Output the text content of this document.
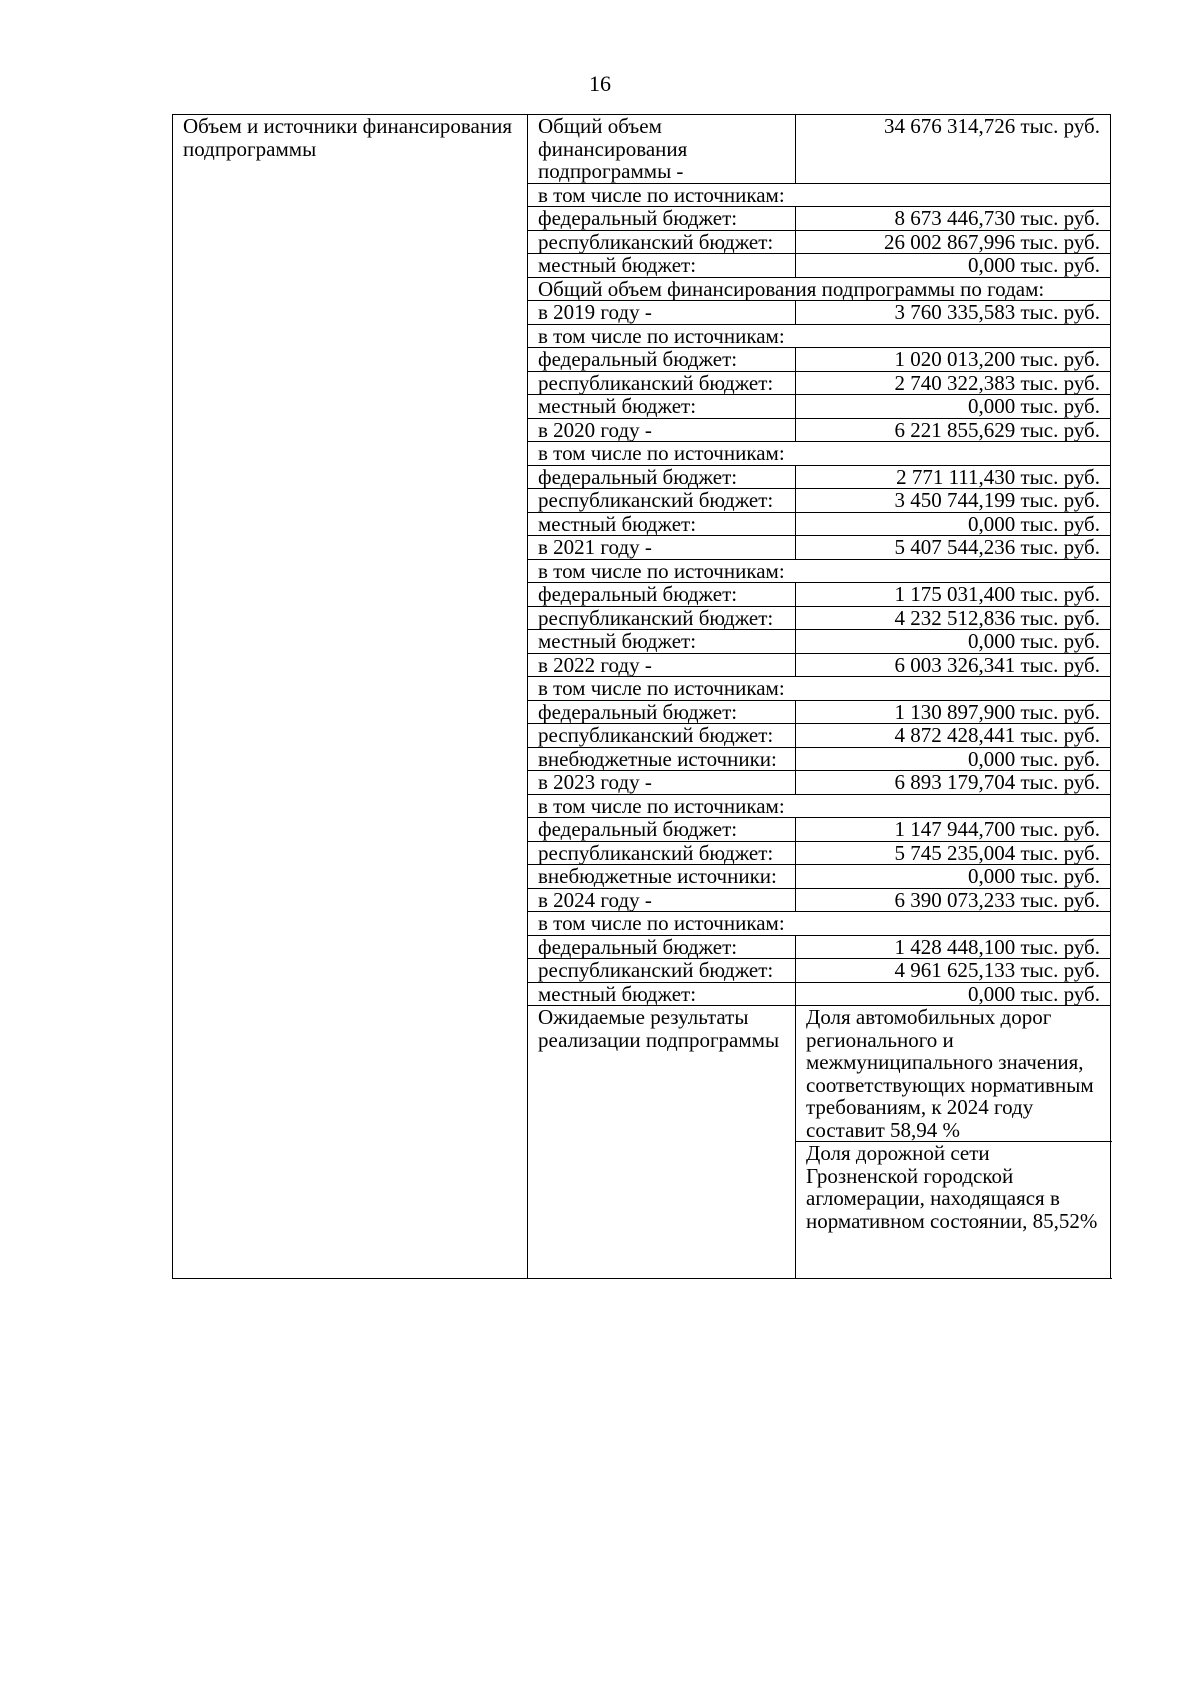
16
Объем и источники финансирования подпрограммы	Общий объем финансирования подпрограммы -	34 676 314,726 тыс. руб.
	в том числе по источникам:	
	федеральный бюджет:	8 673 446,730 тыс. руб.
	республиканский бюджет:	26 002 867,996 тыс. руб.
	местный бюджет:	0,000 тыс. руб.
	Общий объем финансирования подпрограммы по годам:	
	в 2019 году -	3 760 335,583 тыс. руб.
	в том числе по источникам:	
	федеральный бюджет:	1 020 013,200 тыс. руб.
	республиканский бюджет:	2 740 322,383 тыс. руб.
	местный бюджет:	0,000 тыс. руб.
	в 2020 году -	6 221 855,629 тыс. руб.
	в том числе по источникам:	
	федеральный бюджет:	2 771 111,430 тыс. руб.
	республиканский бюджет:	3 450 744,199 тыс. руб.
	местный бюджет:	0,000 тыс. руб.
	в 2021 году -	5 407 544,236 тыс. руб.
	в том числе по источникам:	
	федеральный бюджет:	1 175 031,400 тыс. руб.
	республиканский бюджет:	4 232 512,836 тыс. руб.
	местный бюджет:	0,000 тыс. руб.
	в 2022 году -	6 003 326,341 тыс. руб.
	в том числе по источникам:	
	федеральный бюджет:	1 130 897,900 тыс. руб.
	республиканский бюджет:	4 872 428,441 тыс. руб.
	внебюджетные источники:	0,000 тыс. руб.
	в 2023 году -	6 893 179,704 тыс. руб.
	в том числе по источникам:	
	федеральный бюджет:	1 147 944,700 тыс. руб.
	республиканский бюджет:	5 745 235,004 тыс. руб.
	внебюджетные источники:	0,000 тыс. руб.
	в 2024 году -	6 390 073,233 тыс. руб.
	в том числе по источникам:	
	федеральный бюджет:	1 428 448,100 тыс. руб.
	республиканский бюджет:	4 961 625,133 тыс. руб.
	местный бюджет:	0,000 тыс. руб.
	Ожидаемые результаты реализации подпрограммы	Доля автомобильных дорог регионального и межмуниципального значения, соответствующих нормативным требованиям, к 2024 году составит 58,94 %
		Доля дорожной сети Грозненской городской агломерации, находящаяся в нормативном состоянии, 85,52%
